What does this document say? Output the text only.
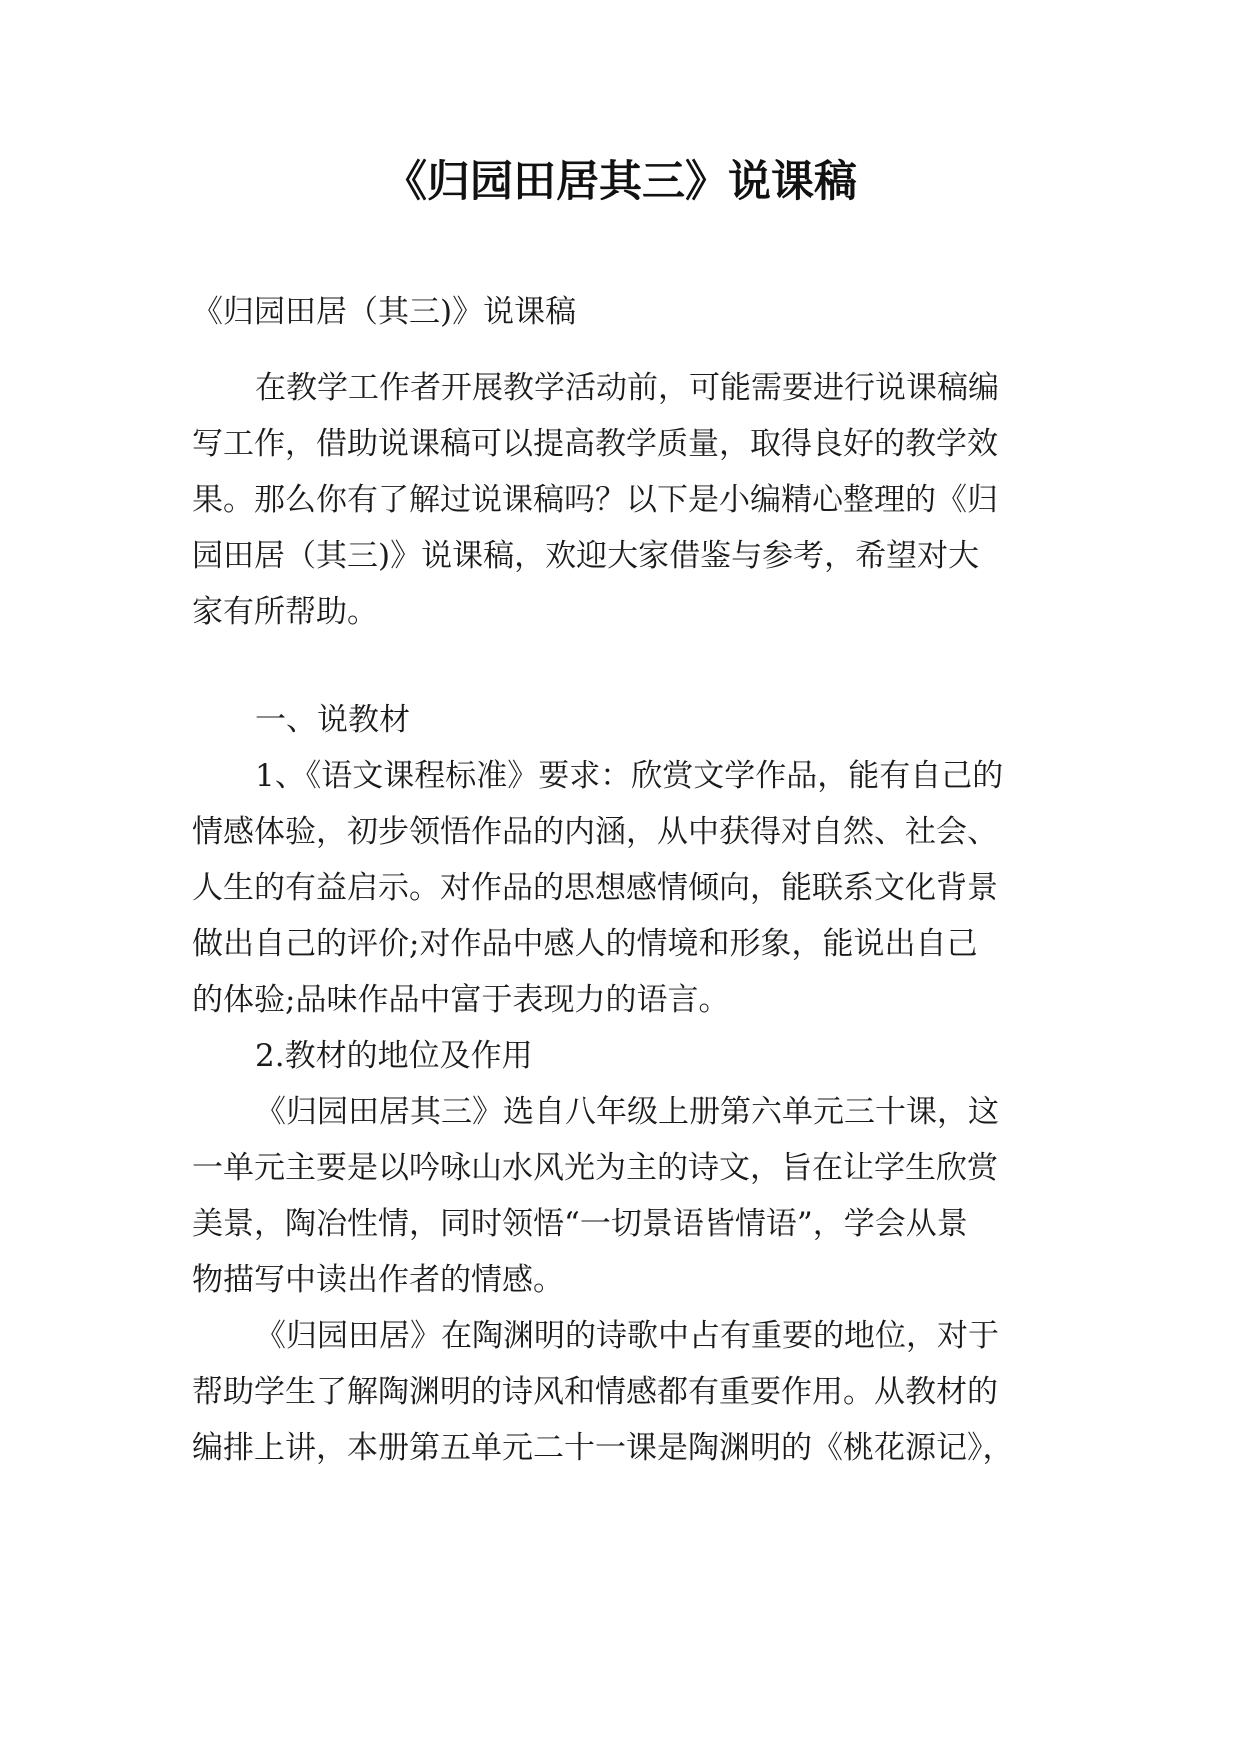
《归园田居其三》说课稿

《归园田居（其三)》说课稿

在教学工作者开展教学活动前，可能需要进行说课稿编

写工作，借助说课稿可以提高教学质量，取得良好的教学效

果。那么你有了解过说课稿吗？以下是小编精心整理的《归

园田居（其三)》说课稿，欢迎大家借鉴与参考，希望对大

家有所帮助。

一、说教材

1、《语文课程标准》要求：欣赏文学作品，能有自己的

情感体验，初步领悟作品的内涵，从中获得对自然、社会、

人生的有益启示。对作品的思想感情倾向，能联系文化背景

做出自己的评价;对作品中感人的情境和形象，能说出自己

的体验;品味作品中富于表现力的语言。

2.教材的地位及作用

《归园田居其三》选自八年级上册第六单元三十课，这

一单元主要是以吟咏山水风光为主的诗文，旨在让学生欣赏

美景，陶冶性情，同时领悟“一切景语皆情语”，学会从景

物描写中读出作者的情感。

《归园田居》在陶渊明的诗歌中占有重要的地位，对于

帮助学生了解陶渊明的诗风和情感都有重要作用。从教材的

编排上讲，本册第五单元二十一课是陶渊明的《桃花源记》，
